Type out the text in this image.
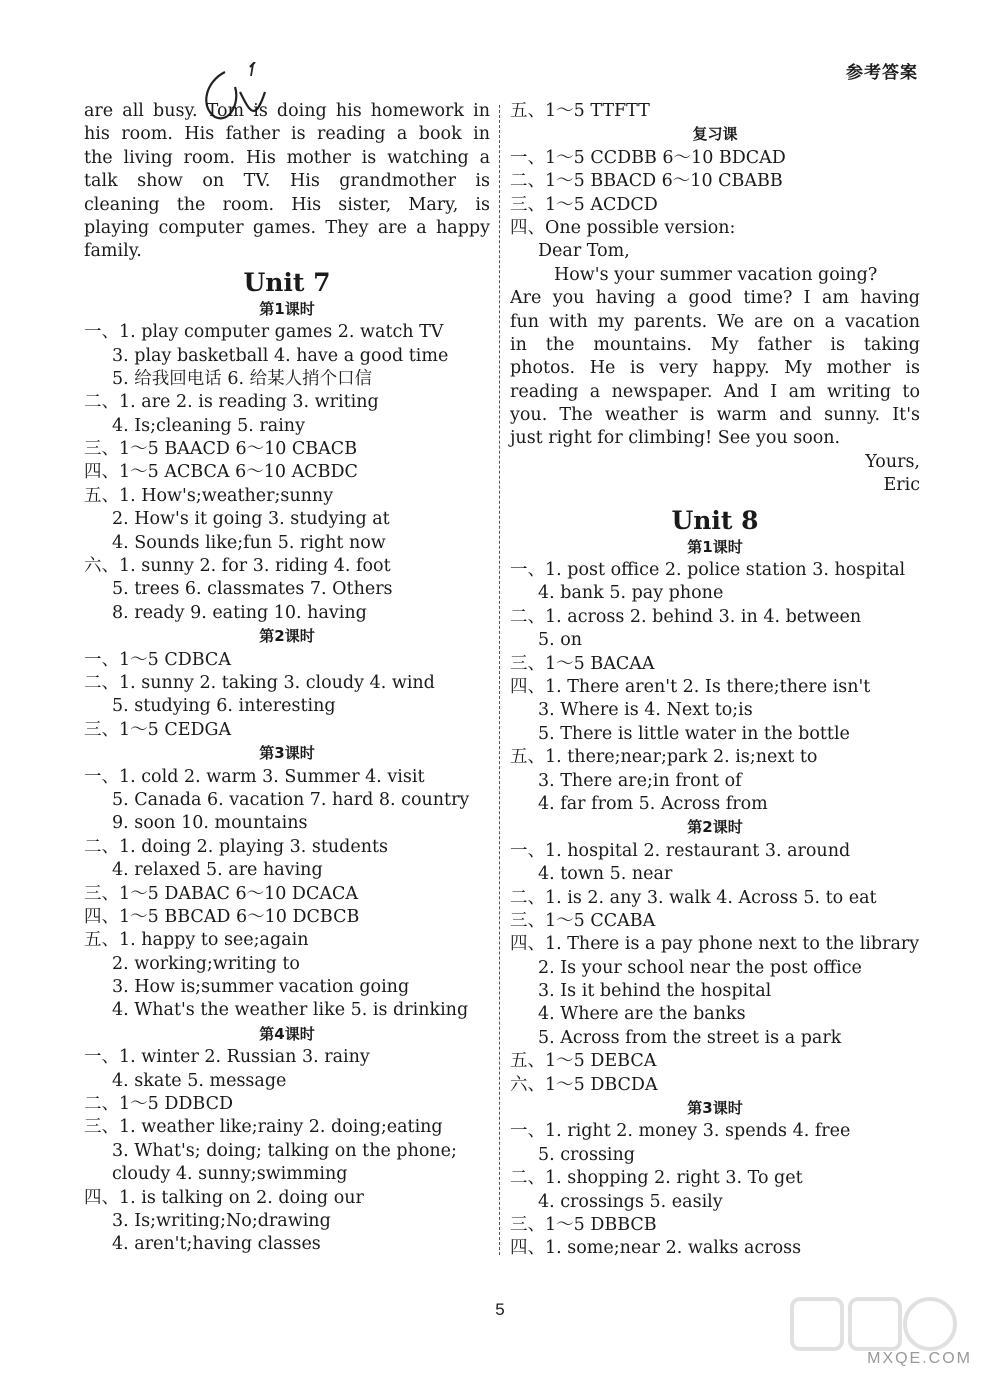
参考答案
are all busy. Tom is doing his homework in
his room. His father is reading a book in
the living room. His mother is watching a
talk show on TV. His grandmother is
cleaning the room. His sister, Mary, is
playing computer games. They are a happy
family.
Unit 7
第1课时
一、1. play computer games 2. watch TV
3. play basketball 4. have a good time
5. 给我回电话 6. 给某人捎个口信
二、1. are 2. is reading 3. writing
4. Is;cleaning 5. rainy
三、1～5 BAACD 6～10 CBACB
四、1～5 ACBCA 6～10 ACBDC
五、1. How's;weather;sunny
2. How's it going 3. studying at
4. Sounds like;fun 5. right now
六、1. sunny 2. for 3. riding 4. foot
5. trees 6. classmates 7. Others
8. ready 9. eating 10. having
第2课时
一、1～5 CDBCA
二、1. sunny 2. taking 3. cloudy 4. wind
5. studying 6. interesting
三、1～5 CEDGA
第3课时
一、1. cold 2. warm 3. Summer 4. visit
5. Canada 6. vacation 7. hard 8. country
9. soon 10. mountains
二、1. doing 2. playing 3. students
4. relaxed 5. are having
三、1～5 DABAC 6～10 DCACA
四、1～5 BBCAD 6～10 DCBCB
五、1. happy to see;again
2. working;writing to
3. How is;summer vacation going
4. What's the weather like 5. is drinking
第4课时
一、1. winter 2. Russian 3. rainy
4. skate 5. message
二、1～5 DDBCD
三、1. weather like;rainy 2. doing;eating
3. What's; doing; talking on the phone;
cloudy 4. sunny;swimming
四、1. is talking on 2. doing our
3. Is;writing;No;drawing
4. aren't;having classes
五、1～5 TTFTT
复习课
一、1～5 CCDBB 6～10 BDCAD
二、1～5 BBACD 6～10 CBABB
三、1～5 ACDCD
四、One possible version:
Dear Tom,
How's your summer vacation going?
Are you having a good time? I am having
fun with my parents. We are on a vacation
in the mountains. My father is taking
photos. He is very happy. My mother is
reading a newspaper. And I am writing to
you. The weather is warm and sunny. It's
just right for climbing! See you soon.
Yours,
Eric
Unit 8
第1课时
一、1. post office 2. police station 3. hospital
4. bank 5. pay phone
二、1. across 2. behind 3. in 4. between
5. on
三、1～5 BACAA
四、1. There aren't 2. Is there;there isn't
3. Where is 4. Next to;is
5. There is little water in the bottle
五、1. there;near;park 2. is;next to
3. There are;in front of
4. far from 5. Across from
第2课时
一、1. hospital 2. restaurant 3. around
4. town 5. near
二、1. is 2. any 3. walk 4. Across 5. to eat
三、1～5 CCABA
四、1. There is a pay phone next to the library
2. Is your school near the post office
3. Is it behind the hospital
4. Where are the banks
5. Across from the street is a park
五、1～5 DEBCA
六、1～5 DBCDA
第3课时
一、1. right 2. money 3. spends 4. free
5. crossing
二、1. shopping 2. right 3. To get
4. crossings 5. easily
三、1～5 DBBCB
四、1. some;near 2. walks across
5
MXQE.COM
